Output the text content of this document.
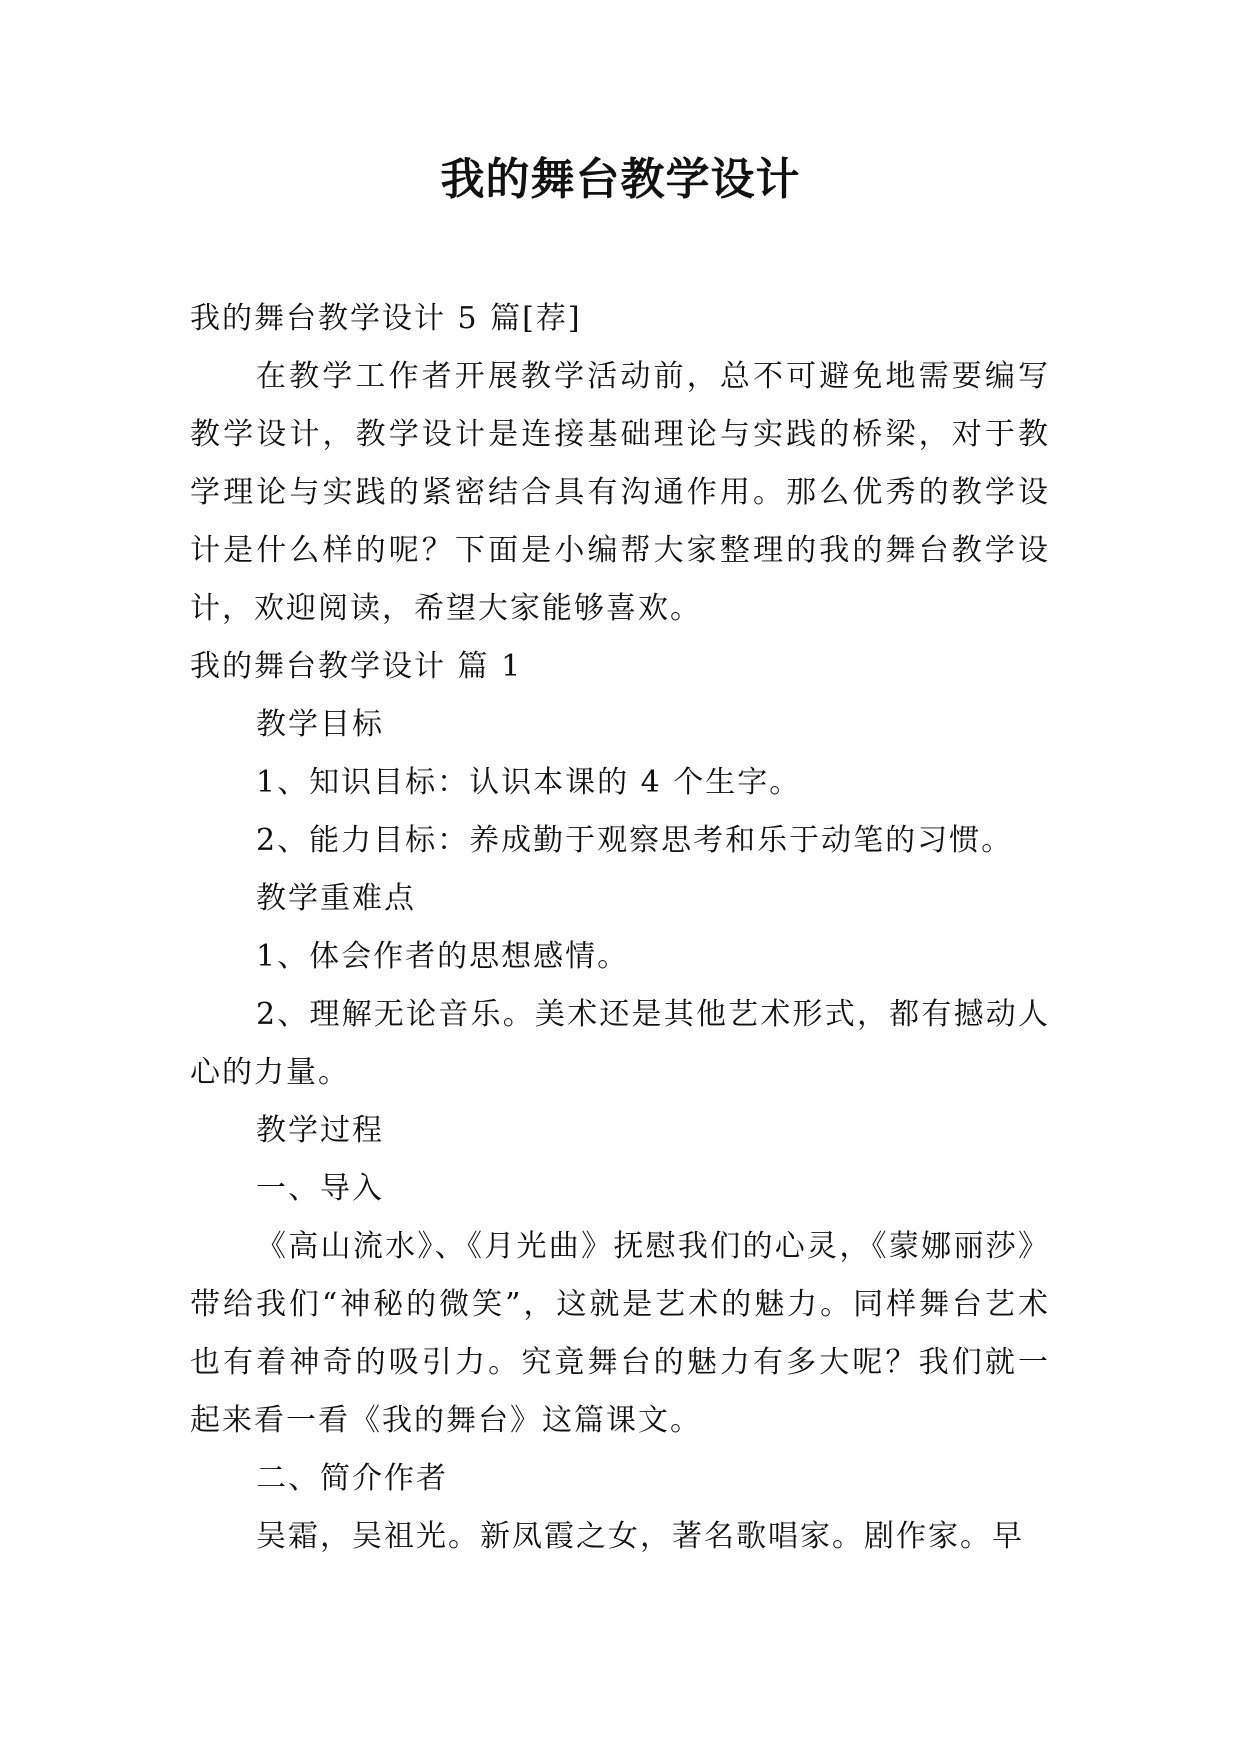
我的舞台教学设计

我的舞台教学设计 5 篇[荐]

在教学工作者开展教学活动前，总不可避免地需要编写教学设计，教学设计是连接基础理论与实践的桥梁，对于教学理论与实践的紧密结合具有沟通作用。那么优秀的教学设计是什么样的呢？下面是小编帮大家整理的我的舞台教学设计，欢迎阅读，希望大家能够喜欢。

我的舞台教学设计 篇 1

教学目标

1、知识目标：认识本课的 4 个生字。

2、能力目标：养成勤于观察思考和乐于动笔的习惯。

教学重难点

1、体会作者的思想感情。

2、理解无论音乐。美术还是其他艺术形式，都有撼动人心的力量。

教学过程

一、导入

《高山流水》、《月光曲》抚慰我们的心灵，《蒙娜丽莎》带给我们“神秘的微笑”，这就是艺术的魅力。同样舞台艺术也有着神奇的吸引力。究竟舞台的魅力有多大呢？我们就一起来看一看《我的舞台》这篇课文。

二、简介作者

吴霜，吴祖光。新凤霞之女，著名歌唱家。剧作家。早
